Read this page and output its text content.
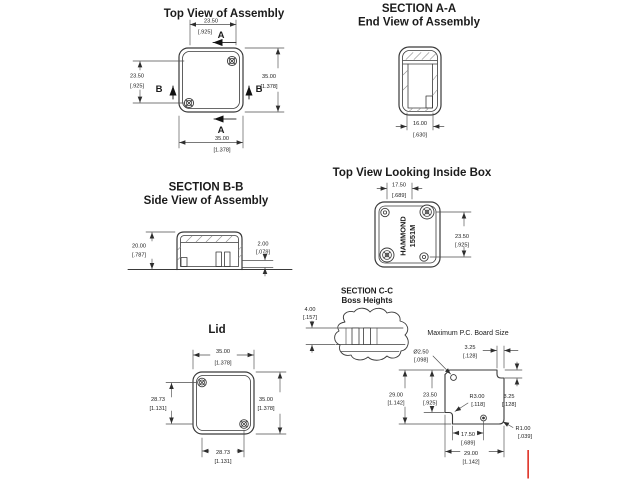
Top View of Assembly
23.50
[.925] A
A
23.50
[.925] B	B
35.00
[1.378]
35.00
[1.378]
SECTION A-A
End View of Assembly
16.00
[.630]
SECTION B-B
Side View of Assembly
20.00
[.787]
2.00
[.079]
Top View Looking Inside Box
17.50
[.689]
23.50
[.925]
HAMMOND 1551M
SECTION C-C
Boss Heights
4.00
[.157]
Lid
35.00
[1.378]
28.73
[1.131]
35.00
[1.378]
28.73
[1.131]
Maximum P.C. Board Size
Ø2.50
[.098]
3.25
[.128]
29.00
[1.142]
23.50
[.925]
R3.00
[.118]
3.25
[.128]
R1.00
[.039]
17.50
[.689]
29.00
[1.142]
